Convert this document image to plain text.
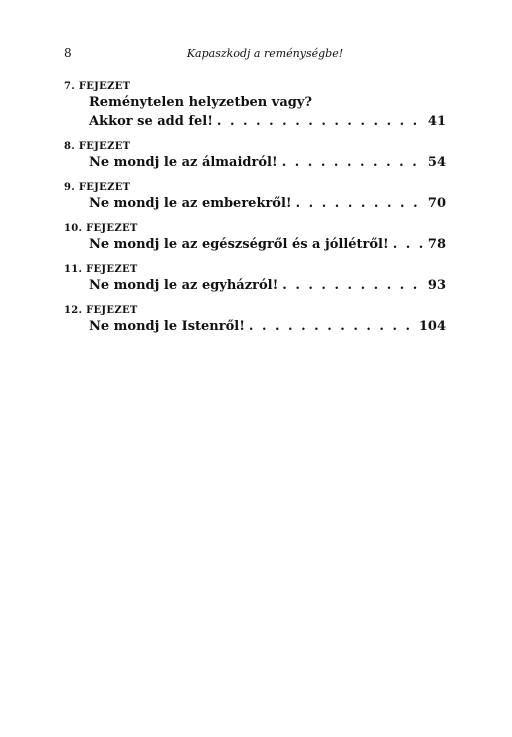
8	Kapaszkodj a reménységbe!
7. FEJEZET
Reménytelen helyzetben vagy?
Akkor se add fel! . . .	41
8. FEJEZET
Ne mondj le az álmaidról! . . .	54
9. FEJEZET
Ne mondj le az emberekről! . . .	70
10. FEJEZET
Ne mondj le az egészségről és a jóllétről! . . .	78
11. FEJEZET
Ne mondj le az egyházról! . . .	93
12. FEJEZET
Ne mondj le Istenről! . . .	104
